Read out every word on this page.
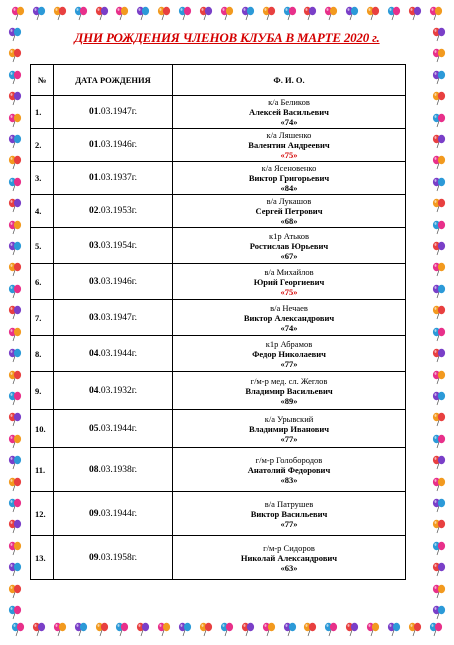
ДНИ РОЖДЕНИЯ ЧЛЕНОВ КЛУБА В МАРТЕ 2020 г.
№	ДАТА РОЖДЕНИЯ	Ф. И. О.
1.	01.03.1947г.	к/а Беликов
Алексей Васильевич
«74»

2.	01.03.1946г.	к/а Ляшенко
Валентин Андреевич
«75»

3.	01.03.1937г.	к/а Ясеновенко
Виктор Григорьевич
«84»

4.	02.03.1953г.	в/а Лукашов
Сергей Петрович
«68»

5.	03.03.1954г.	к1р Атьков
Ростислав Юрьевич
«67»

6.	03.03.1946г.	в/а Михайлов
Юрий Георгиевич
«75»

7.	03.03.1947г.	в/а Нечаев
Виктор Александрович
«74»

8.	04.03.1944г.	к1р Абрамов
Федор Николаевич
«77»

9.	04.03.1932г.	г/м-р мед. сл. Жеглов
Владимир Васильевич
«89»

10.	05.03.1944г.	к/а Урывский
Владимир Иванович
«77»

11.	08.03.1938г.	г/м-р Голобородов
Анатолий Федорович
«83»

12.	09.03.1944г.	в/а Патрушев
Виктор Васильевич
«77»

13.	09.03.1958г.	г/м-р Сидоров
Николай Александрович
«63»
